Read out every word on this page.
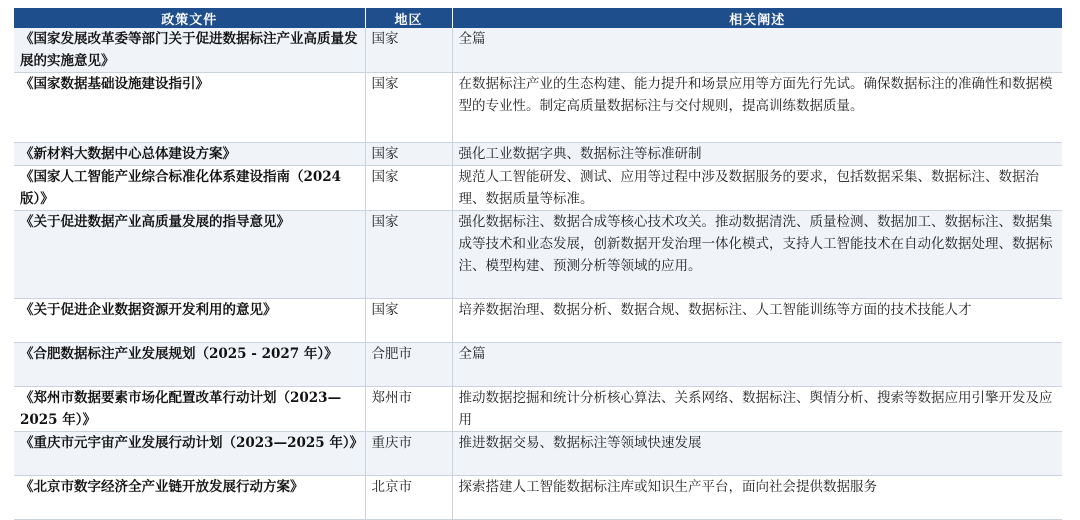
政策文件	地区	相关阐述
《国家发展改革委等部门关于促进数据标注产业高质量发展的实施意见》	国家	全篇
《国家数据基础设施建设指引》	国家	在数据标注产业的生态构建、能力提升和场景应用等方面先行先试。确保数据标注的准确性和数据模型的专业性。制定高质量数据标注与交付规则，提高训练数据质量。
《新材料大数据中心总体建设方案》	国家	强化工业数据字典、数据标注等标准研制
《国家人工智能产业综合标准化体系建设指南（2024 版）》	国家	规范人工智能研发、测试、应用等过程中涉及数据服务的要求，包括数据采集、数据标注、数据治理、数据质量等标准。
《关于促进数据产业高质量发展的指导意见》	国家	强化数据标注、数据合成等核心技术攻关。推动数据清洗、质量检测、数据加工、数据标注、数据集成等技术和业态发展，创新数据开发治理一体化模式，支持人工智能技术在自动化数据处理、数据标注、模型构建、预测分析等领域的应用。
《关于促进企业数据资源开发利用的意见》	国家	培养数据治理、数据分析、数据合规、数据标注、人工智能训练等方面的技术技能人才
《合肥数据标注产业发展规划（2025 - 2027 年）》	合肥市	全篇
《郑州市数据要素市场化配置改革行动计划（2023—2025 年）》	郑州市	推动数据挖掘和统计分析核心算法、关系网络、数据标注、舆情分析、搜索等数据应用引擎开发及应用
《重庆市元宇宙产业发展行动计划（2023—2025 年）》	重庆市	推进数据交易、数据标注等领域快速发展
《北京市数字经济全产业链开放发展行动方案》	北京市	探索搭建人工智能数据标注库或知识生产平台，面向社会提供数据服务
